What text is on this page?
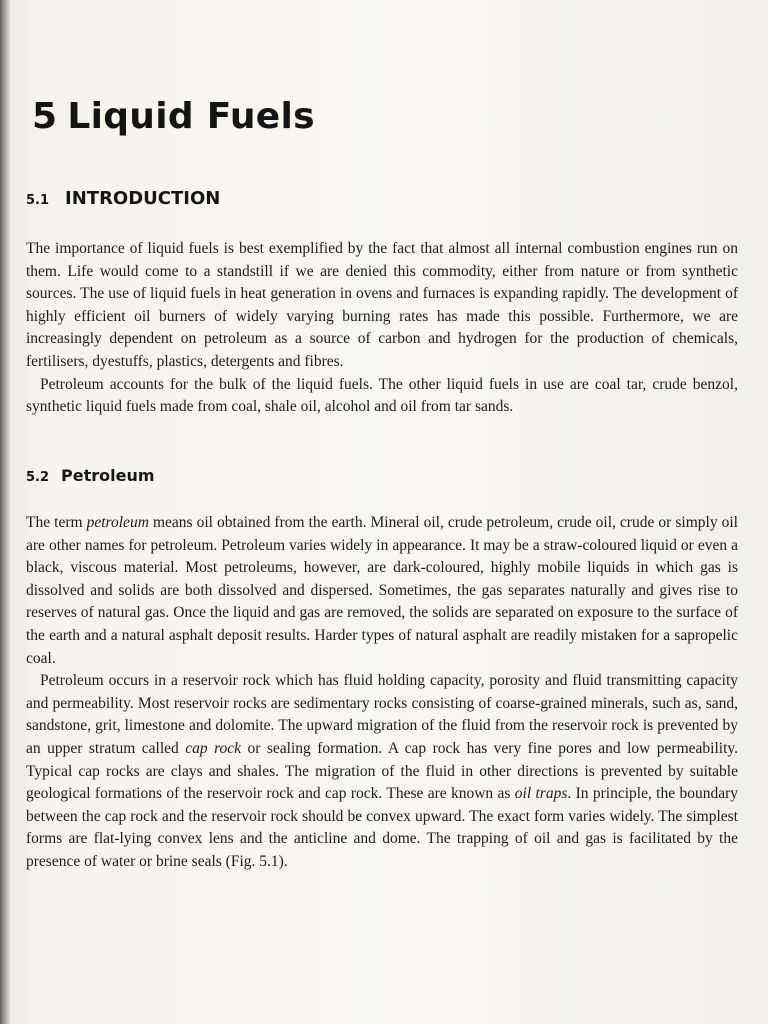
5 Liquid Fuels
5.1 INTRODUCTION

The importance of liquid fuels is best exemplified by the fact that almost all internal combustion engines run on them. Life would come to a standstill if we are denied this commodity, either from nature or from synthetic sources. The use of liquid fuels in heat generation in ovens and furnaces is expanding rapidly. The development of highly efficient oil burners of widely varying burning rates has made this possible. Furthermore, we are increasingly dependent on petroleum as a source of carbon and hydrogen for the production of chemicals, fertilisers, dyestuffs, plastics, detergents and fibres.

Petroleum accounts for the bulk of the liquid fuels. The other liquid fuels in use are coal tar, crude benzol, synthetic liquid fuels made from coal, shale oil, alcohol and oil from tar sands.

5.2 Petroleum

The term petroleum means oil obtained from the earth. Mineral oil, crude petroleum, crude oil, crude or simply oil are other names for petroleum. Petroleum varies widely in appearance. It may be a straw-coloured liquid or even a black, viscous material. Most petroleums, however, are dark-coloured, highly mobile liquids in which gas is dissolved and solids are both dissolved and dispersed. Sometimes, the gas separates naturally and gives rise to reserves of natural gas. Once the liquid and gas are removed, the solids are separated on exposure to the surface of the earth and a natural asphalt deposit results. Harder types of natural asphalt are readily mistaken for a sapropelic coal.

Petroleum occurs in a reservoir rock which has fluid holding capacity, porosity and fluid transmitting capacity and permeability. Most reservoir rocks are sedimentary rocks consisting of coarse-grained minerals, such as, sand, sandstone, grit, limestone and dolomite. The upward migration of the fluid from the reservoir rock is prevented by an upper stratum called cap rock or sealing formation. A cap rock has very fine pores and low permeability. Typical cap rocks are clays and shales. The migration of the fluid in other directions is prevented by suitable geological formations of the reservoir rock and cap rock. These are known as oil traps. In principle, the boundary between the cap rock and the reservoir rock should be convex upward. The exact form varies widely. The simplest forms are flat-lying convex lens and the anticline and dome. The trapping of oil and gas is facilitated by the presence of water or brine seals (Fig. 5.1).
